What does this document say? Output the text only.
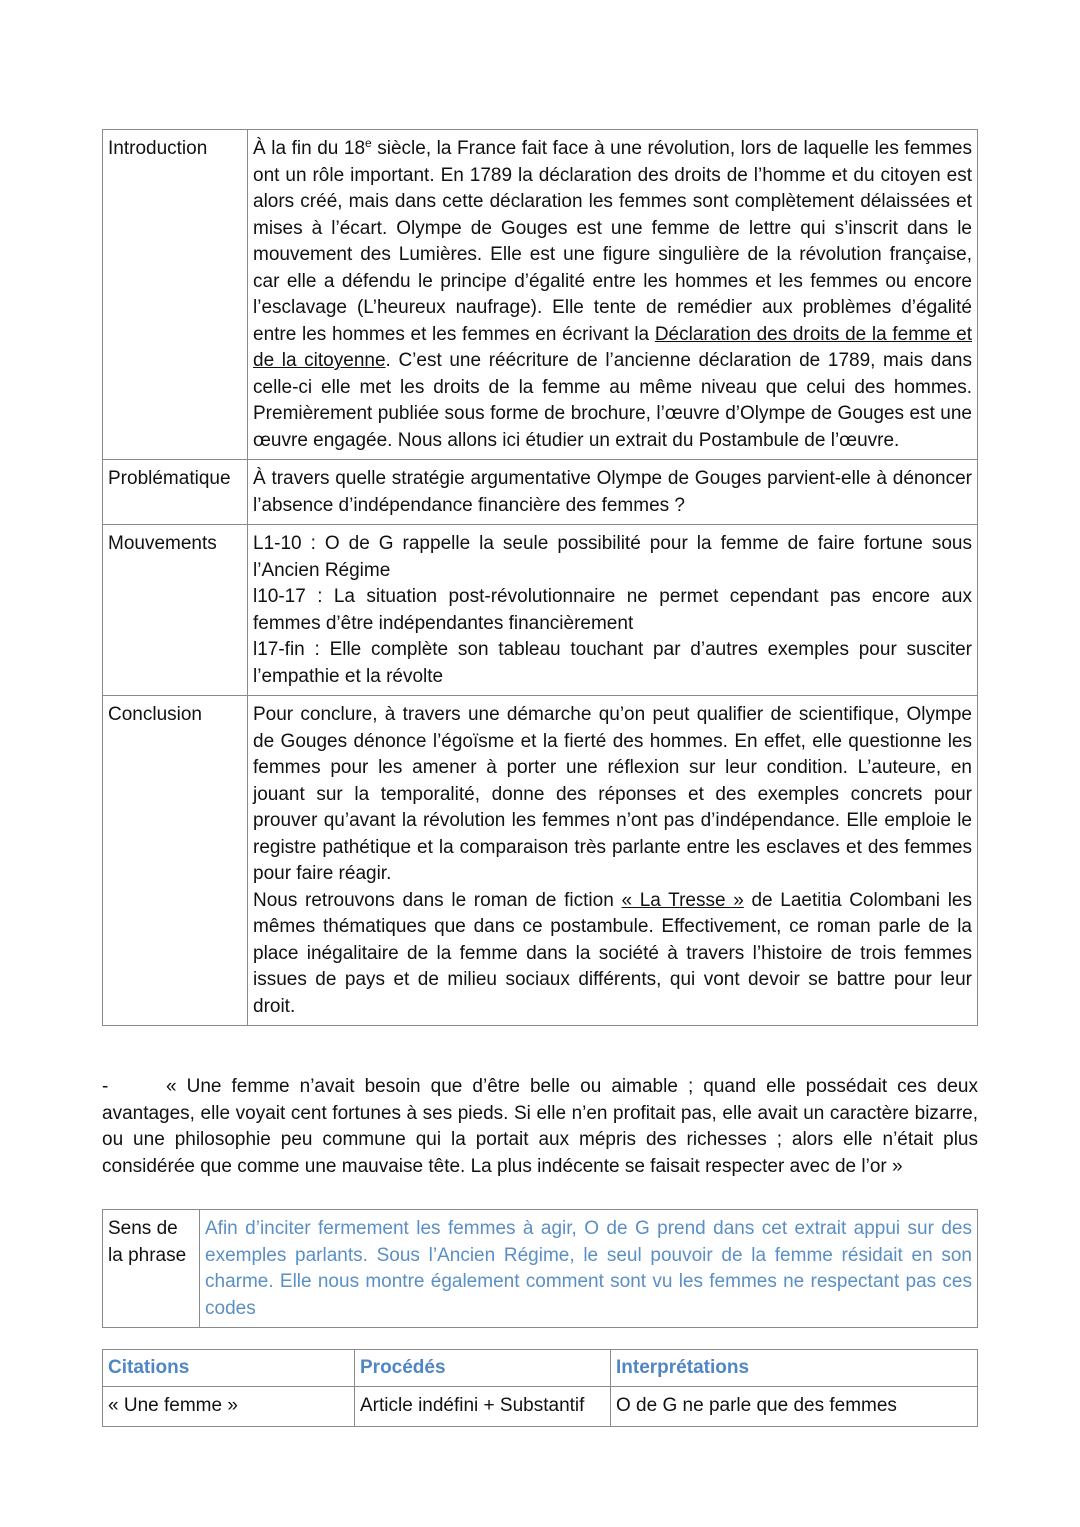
Introduction	À la fin du 18e siècle, la France fait face à une révolution, lors de laquelle les femmes ont un rôle important. En 1789 la déclaration des droits de l’homme et du citoyen est alors créé, mais dans cette déclaration les femmes sont complètement délaissées et mises à l’écart. Olympe de Gouges est une femme de lettre qui s’inscrit dans le mouvement des Lumières. Elle est une figure singulière de la révolution française, car elle a défendu le principe d’égalité entre les hommes et les femmes ou encore l’esclavage (L’heureux naufrage). Elle tente de remédier aux problèmes d’égalité entre les hommes et les femmes en écrivant la Déclaration des droits de la femme et de la citoyenne. C’est une réécriture de l’ancienne déclaration de 1789, mais dans celle-ci elle met les droits de la femme au même niveau que celui des hommes. Premièrement publiée sous forme de brochure, l’œuvre d’Olympe de Gouges est une œuvre engagée. Nous allons ici étudier un extrait du Postambule de l’œuvre.
Problématique	À travers quelle stratégie argumentative Olympe de Gouges parvient-elle à dénoncer l’absence d’indépendance financière des femmes ?
Mouvements	L1-10 : O de G rappelle la seule possibilité pour la femme de faire fortune sous l’Ancien Régime
l10-17 : La situation post-révolutionnaire ne permet cependant pas encore aux femmes d’être indépendantes financièrement
l17-fin : Elle complète son tableau touchant par d’autres exemples pour susciter l’empathie et la révolte

Conclusion	Pour conclure, à travers une démarche qu’on peut qualifier de scientifique, Olympe de Gouges dénonce l’égoïsme et la fierté des hommes. En effet, elle questionne les femmes pour les amener à porter une réflexion sur leur condition. L’auteure, en jouant sur la temporalité, donne des réponses et des exemples concrets pour prouver qu’avant la révolution les femmes n’ont pas d’indépendance. Elle emploie le registre pathétique et la comparaison très parlante entre les esclaves et des femmes pour faire réagir.
Nous retrouvons dans le roman de fiction « La Tresse » de Laetitia Colombani les mêmes thématiques que dans ce postambule. Effectivement, ce roman parle de la place inégalitaire de la femme dans la société à travers l’histoire de trois femmes issues de pays et de milieu sociaux différents, qui vont devoir se battre pour leur droit.
-	« Une femme n’avait besoin que d’être belle ou aimable ; quand elle possédait ces deux avantages, elle voyait cent fortunes à ses pieds. Si elle n’en profitait pas, elle avait un caractère bizarre, ou une philosophie peu commune qui la portait aux mépris des richesses ; alors elle n’était plus considérée que comme une mauvaise tête. La plus indécente se faisait respecter avec de l’or »
Sens de
la phrase	Afin d’inciter fermement les femmes à agir, O de G prend dans cet extrait appui sur des exemples parlants. Sous l’Ancien Régime, le seul pouvoir de la femme résidait en son charme. Elle nous montre également comment sont vu les femmes ne respectant pas ces codes
Citations	Procédés	Interprétations
« Une femme »	Article indéfini + Substantif	O de G ne parle que des femmes
